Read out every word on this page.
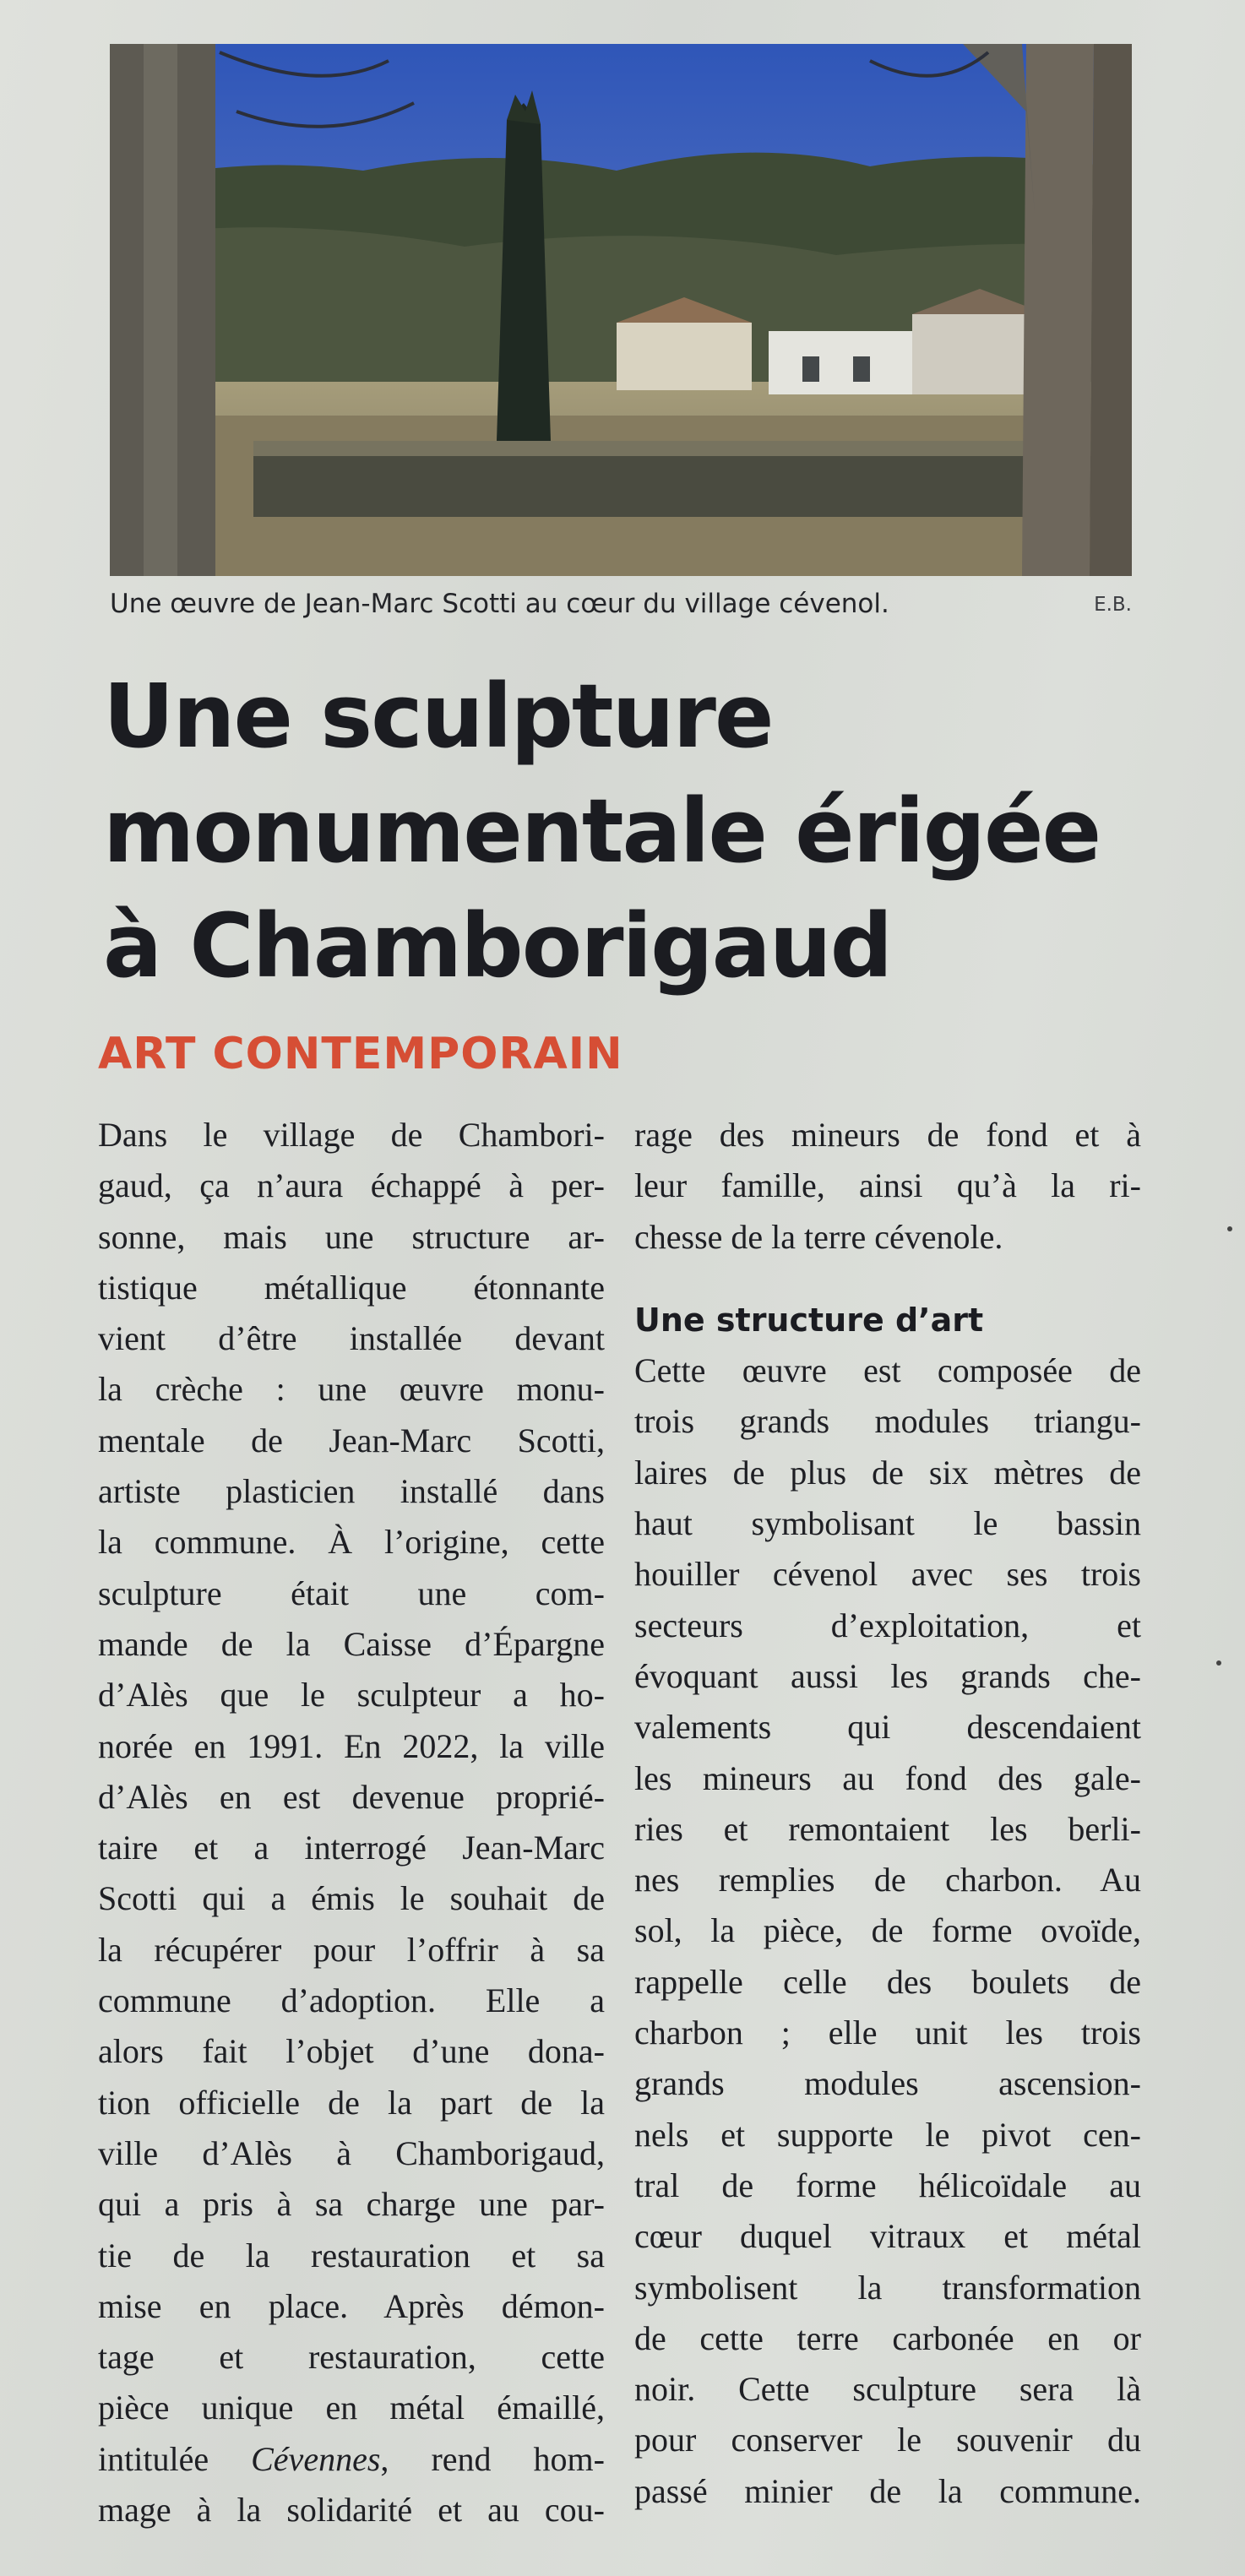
Une œuvre de Jean-Marc Scotti au cœur du village cévenol.	E.B.
Une sculpture
monumentale érigée
à Chamborigaud
ART CONTEMPORAIN
Dans le village de Chambori-
gaud, ça n’aura échappé à per-
sonne, mais une structure ar-
tistique métallique étonnante
vient d’être installée devant
la crèche : une œuvre monu-
mentale de Jean-Marc Scotti,
artiste plasticien installé dans
la commune. À l’origine, cette
sculpture était une com-
mande de la Caisse d’Épargne
d’Alès que le sculpteur a ho-
norée en 1991. En 2022, la ville
d’Alès en est devenue proprié-
taire et a interrogé Jean-Marc
Scotti qui a émis le souhait de
la récupérer pour l’offrir à sa
commune d’adoption. Elle a
alors fait l’objet d’une dona-
tion officielle de la part de la
ville d’Alès à Chamborigaud,
qui a pris à sa charge une par-
tie de la restauration et sa
mise en place. Après démon-
tage et restauration, cette
pièce unique en métal émaillé,
intitulée Cévennes, rend hom-
mage à la solidarité et au cou-
rage des mineurs de fond et à
leur famille, ainsi qu’à la ri-
chesse de la terre cévenole.
Une structure d’art
Cette œuvre est composée de
trois grands modules triangu-
laires de plus de six mètres de
haut symbolisant le bassin
houiller cévenol avec ses trois
secteurs d’exploitation, et
évoquant aussi les grands che-
valements qui descendaient
les mineurs au fond des gale-
ries et remontaient les berli-
nes remplies de charbon. Au
sol, la pièce, de forme ovoïde,
rappelle celle des boulets de
charbon ; elle unit les trois
grands modules ascension-
nels et supporte le pivot cen-
tral de forme hélicoïdale au
cœur duquel vitraux et métal
symbolisent la transformation
de cette terre carbonée en or
noir. Cette sculpture sera là
pour conserver le souvenir du
passé minier de la commune.
